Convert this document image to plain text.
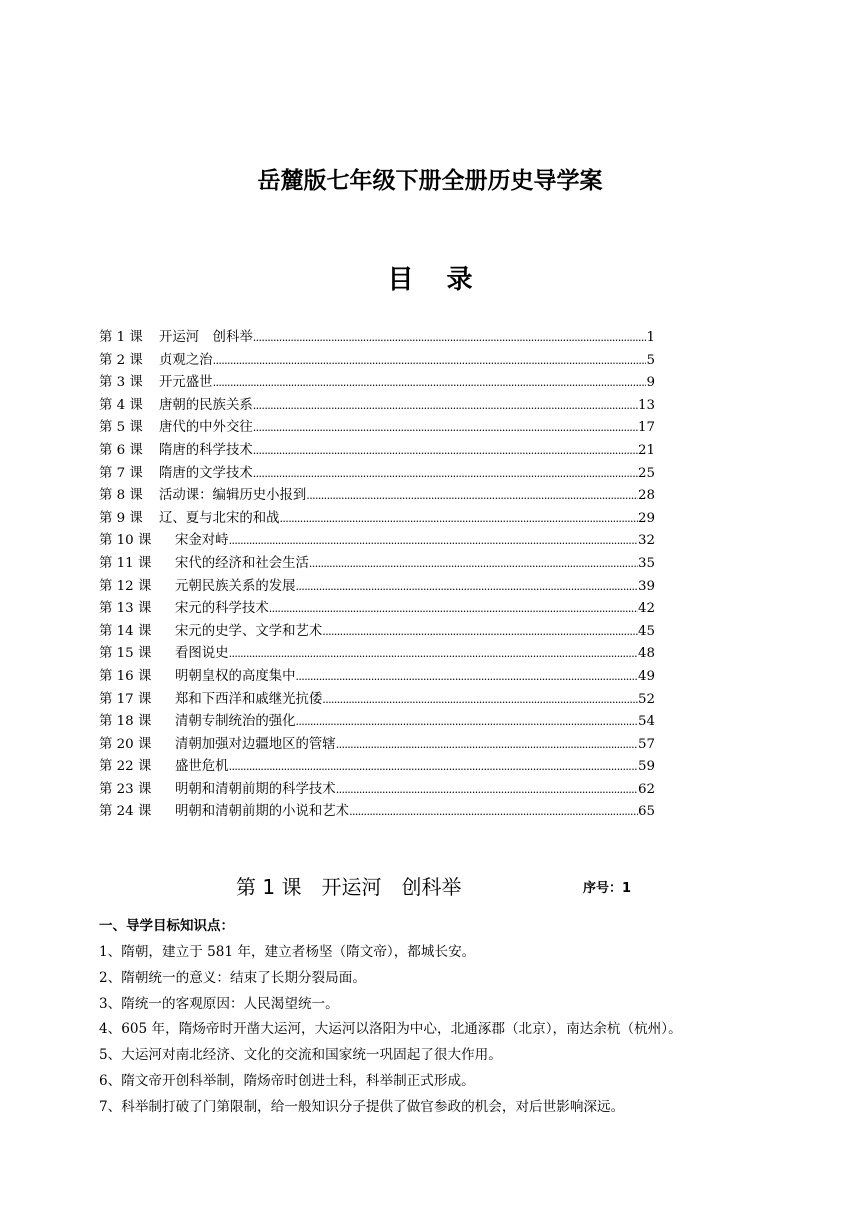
岳麓版七年级下册全册历史导学案
目 录
第 1 课	开运河　创科举 .....	1
第 2 课	贞观之治 .....	5
第 3 课	开元盛世 .....	9
第 4 课	唐朝的民族关系 .....	13
第 5 课	唐代的中外交往 .....	17
第 6 课	隋唐的科学技术 .....	21
第 7 课	隋唐的文学技术 .....	25
第 8 课	活动课：编辑历史小报到 .....	28
第 9 课	辽、夏与北宋的和战 .....	29
第 10 课	宋金对峙 .....	32
第 11 课	宋代的经济和社会生活 .....	35
第 12 课	元朝民族关系的发展 .....	39
第 13 课	宋元的科学技术 .....	42
第 14 课	宋元的史学、文学和艺术 .....	45
第 15 课	看图说史 .....	48
第 16 课	明朝皇权的高度集中 .....	49
第 17 课	郑和下西洋和戚继光抗倭 .....	52
第 18 课	清朝专制统治的强化 .....	54
第 20 课	清朝加强对边疆地区的管辖 .....	57
第 22 课	盛世危机 .....	59
第 23 课	明朝和清朝前期的科学技术 .....	62
第 24 课	明朝和清朝前期的小说和艺术 .....	65
第 1 课　开运河　创科举	序号：1
一、导学目标知识点：
1、隋朝，建立于 581 年，建立者杨坚（隋文帝），都城长安。
2、隋朝统一的意义：结束了长期分裂局面。
3、隋统一的客观原因：人民渴望统一。
4、605 年，隋炀帝时开凿大运河，大运河以洛阳为中心，北通涿郡（北京），南达余杭（杭州）。
5、大运河对南北经济、文化的交流和国家统一巩固起了很大作用。
6、隋文帝开创科举制，隋炀帝时创进士科，科举制正式形成。
7、科举制打破了门第限制，给一般知识分子提供了做官参政的机会，对后世影响深远。
